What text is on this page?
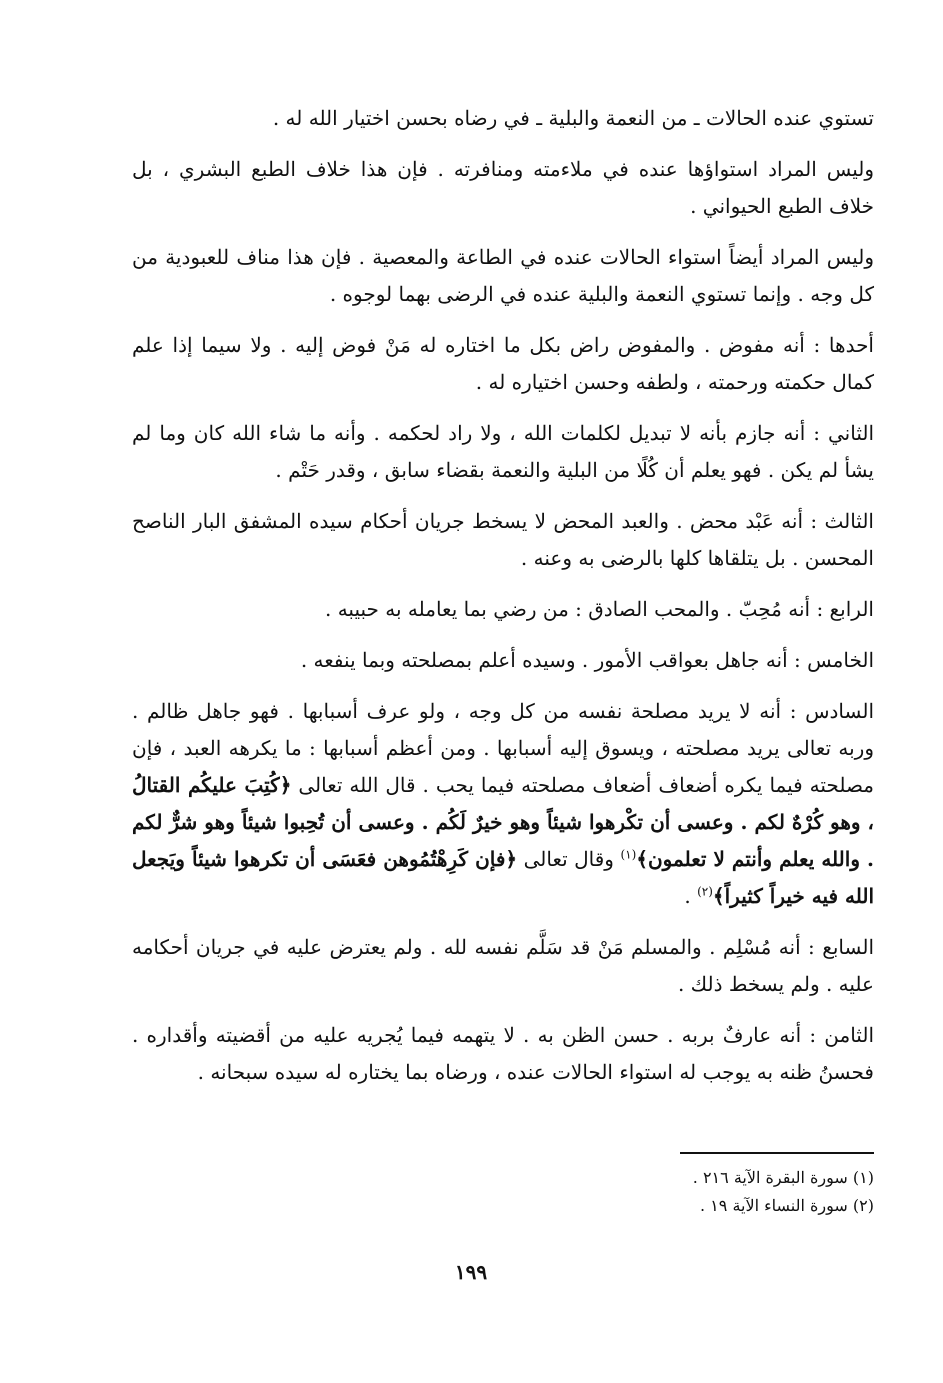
تستوي عنده الحالات ـ من النعمة والبلية ـ في رضاه بحسن اختيار الله له .

وليس المراد استواؤها عنده في ملاءمته ومنافرته . فإن هذا خلاف الطبع البشري ، بل خلاف الطبع الحيواني .

وليس المراد أيضاً استواء الحالات عنده في الطاعة والمعصية . فإن هذا مناف للعبودية من كل وجه . وإنما تستوي النعمة والبلية عنده في الرضى بهما لوجوه .

أحدها : أنه مفوض . والمفوض راض بكل ما اختاره له مَنْ فوض إليه . ولا سيما إذا علم كمال حكمته ورحمته ، ولطفه وحسن اختياره له .

الثاني : أنه جازم بأنه لا تبديل لكلمات الله ، ولا راد لحكمه . وأنه ما شاء الله كان وما لم يشأ لم يكن . فهو يعلم أن كُلًا من البلية والنعمة بقضاء سابق ، وقدر حَتْم .

الثالث : أنه عَبْد محض . والعبد المحض لا يسخط جريان أحكام سيده المشفق البار الناصح المحسن . بل يتلقاها كلها بالرضى به وعنه .

الرابع : أنه مُحِبّ . والمحب الصادق : من رضي بما يعامله به حبيبه .

الخامس : أنه جاهل بعواقب الأمور . وسيده أعلم بمصلحته وبما ينفعه .

السادس : أنه لا يريد مصلحة نفسه من كل وجه ، ولو عرف أسبابها . فهو جاهل ظالم . وربه تعالى يريد مصلحته ، ويسوق إليه أسبابها . ومن أعظم أسبابها : ما يكرهه العبد ، فإن مصلحته فيما يكره أضعاف أضعاف مصلحته فيما يحب . قال الله تعالى ﴿كُتِبَ عليكُم القتالُ ، وهو كُرْهٌ لكم . وعسى أن تكْرهوا شيئاً وهو خيرٌ لَكُم . وعسى أن تُحِبوا شيئاً وهو شرٌّ لكم . والله يعلم وأنتم لا تعلمون﴾$^{(١)}$ وقال تعالى ﴿فإن كَرِهْتُمُوهن فعَسَى أن تكرهوا شيئاً ويَجعل الله فيه خيراً كثيراً﴾$^{(٢)}$ .

السابع : أنه مُسْلِم . والمسلم مَنْ قد سَلَّم نفسه لله . ولم يعترض عليه في جريان أحكامه عليه . ولم يسخط ذلك .

الثامن : أنه عارفٌ بربه . حسن الظن به . لا يتهمه فيما يُجريه عليه من أقضيته وأقداره . فحسنُ ظنه به يوجب له استواء الحالات عنده ، ورضاه بما يختاره له سيده سبحانه .

(١) سورة البقرة الآية ٢١٦ .
(٢) سورة النساء الآية ١٩ .
١٩٩
